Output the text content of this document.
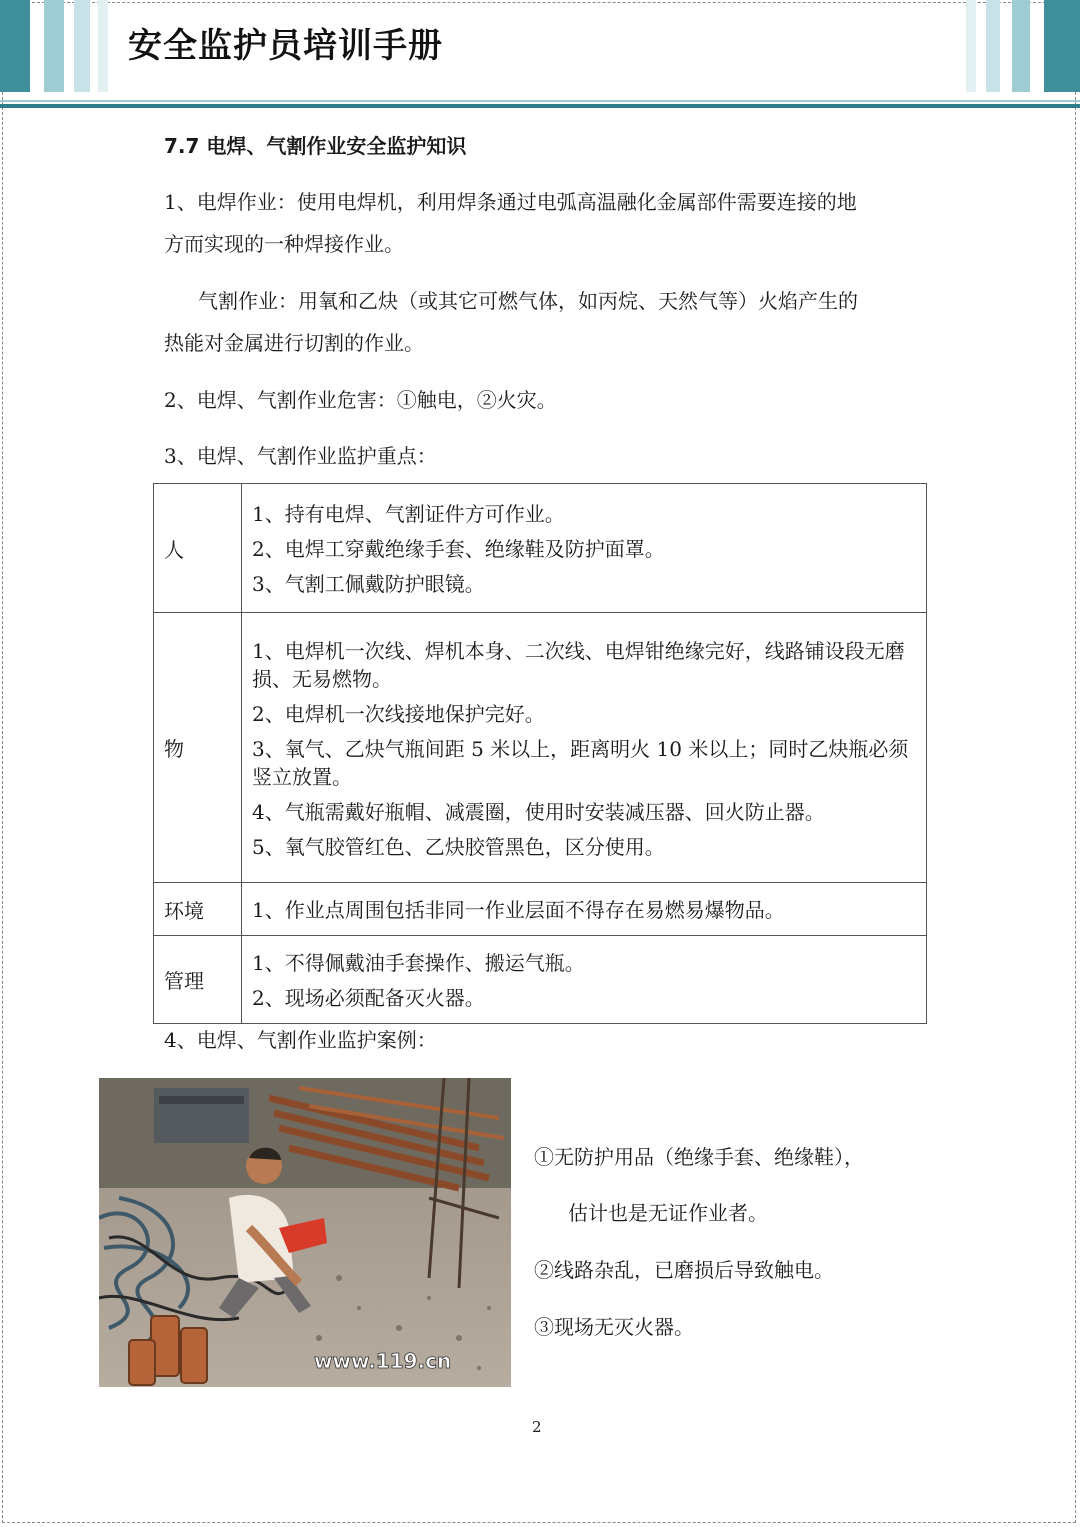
安全监护员培训手册
7.7 电焊、气割作业安全监护知识
1、电焊作业：使用电焊机，利用焊条通过电弧高温融化金属部件需要连接的地
方而实现的一种焊接作业。
气割作业：用氧和乙炔（或其它可燃气体，如丙烷、天然气等）火焰产生的
热能对金属进行切割的作业。
2、电焊、气割作业危害：①触电，②火灾。
3、电焊、气割作业监护重点：
人	1、持有电焊、气割证件方可作业。
2、电焊工穿戴绝缘手套、绝缘鞋及防护面罩。
3、气割工佩戴防护眼镜。

物	1、电焊机一次线、焊机本身、二次线、电焊钳绝缘完好，线路铺设段无磨损、无易燃物。
2、电焊机一次线接地保护完好。
3、氧气、乙炔气瓶间距 5 米以上，距离明火 10 米以上；同时乙炔瓶必须竖立放置。
4、气瓶需戴好瓶帽、减震圈，使用时安装减压器、回火防止器。
5、氧气胶管红色、乙炔胶管黑色，区分使用。

环境	1、作业点周围包括非同一作业层面不得存在易燃易爆物品。

管理	1、不得佩戴油手套操作、搬运气瓶。
2、现场必须配备灭火器。
4、电焊、气割作业监护案例：
www.119.cn
①无防护用品（绝缘手套、绝缘鞋），
估计也是无证作业者。
②线路杂乱，已磨损后导致触电。
③现场无灭火器。
2
